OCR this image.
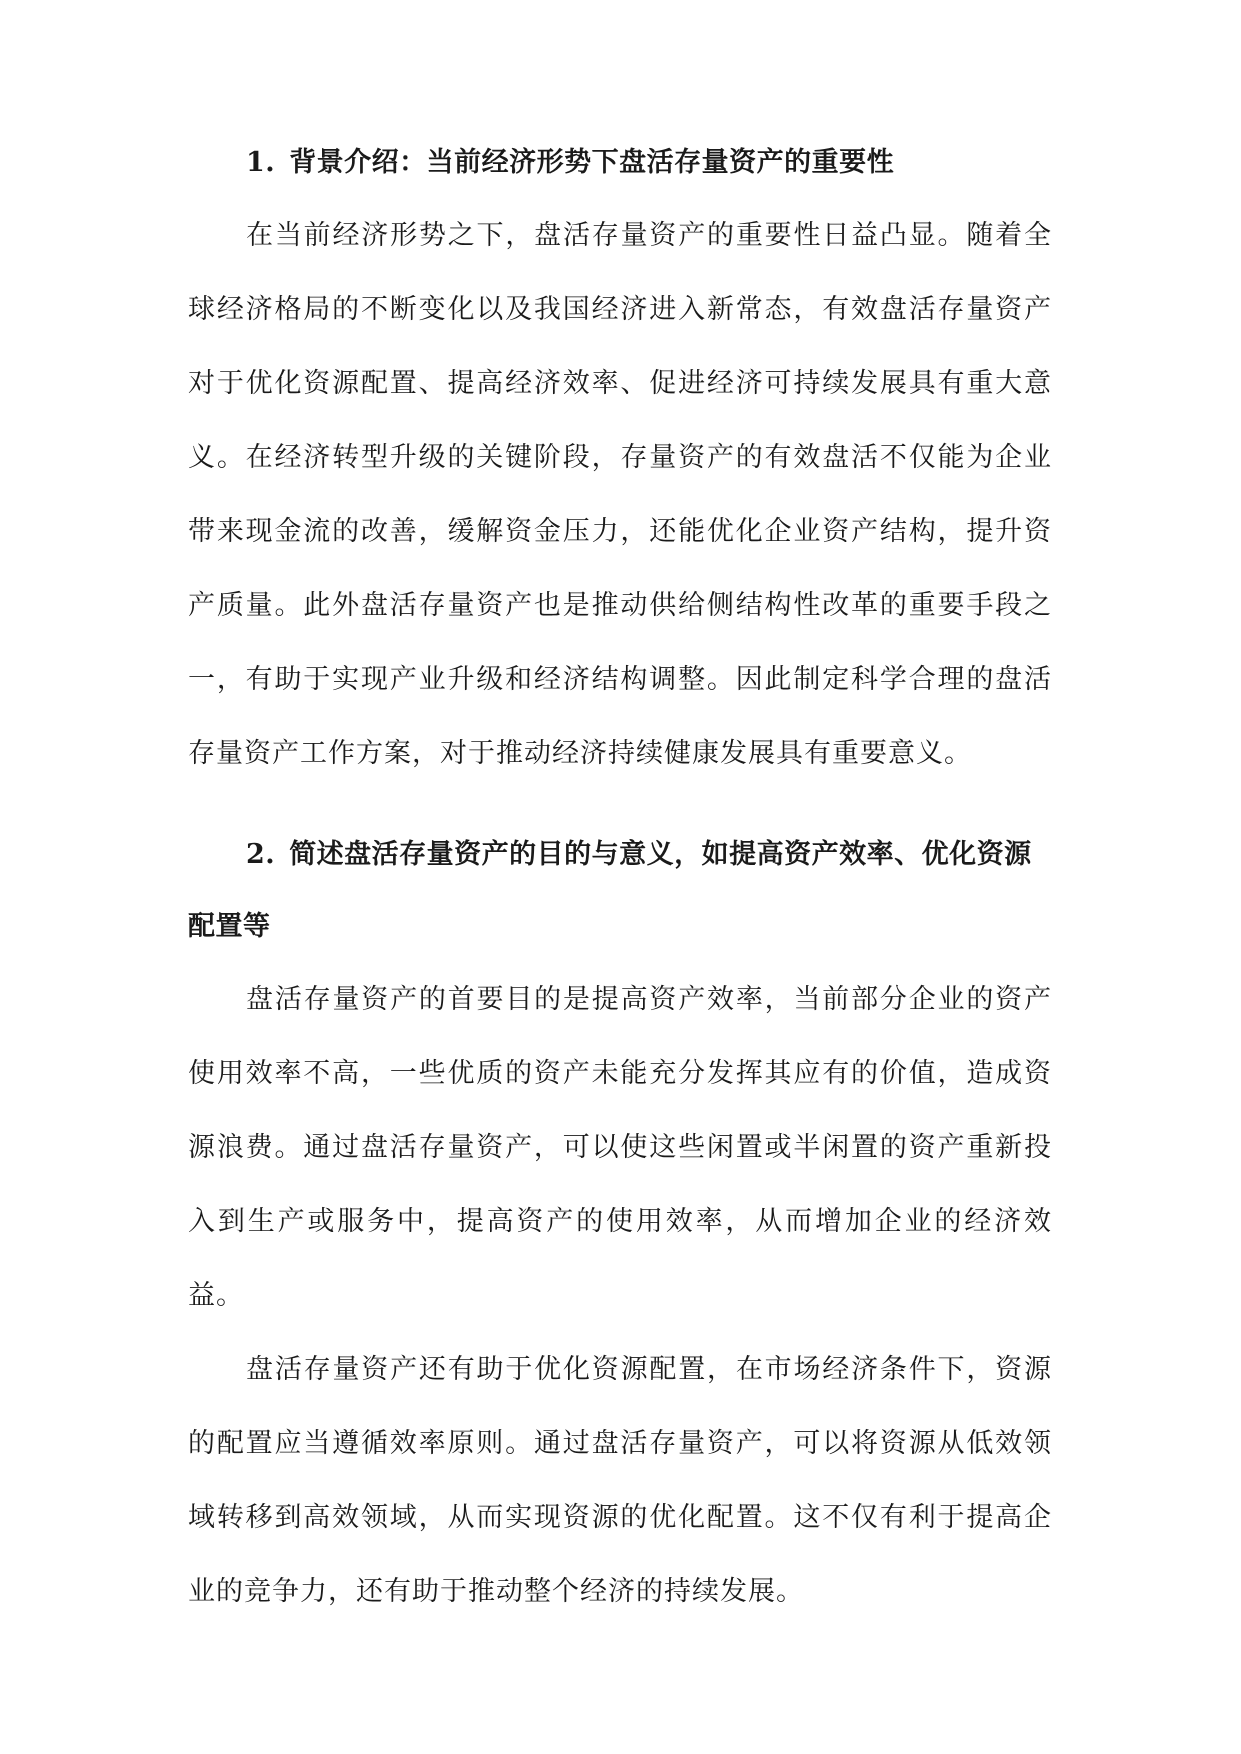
1. 背景介绍：当前经济形势下盘活存量资产的重要性

在当前经济形势之下，盘活存量资产的重要性日益凸显。随着全球经济格局的不断变化以及我国经济进入新常态，有效盘活存量资产对于优化资源配置、提高经济效率、促进经济可持续发展具有重大意义。在经济转型升级的关键阶段，存量资产的有效盘活不仅能为企业带来现金流的改善，缓解资金压力，还能优化企业资产结构，提升资产质量。此外盘活存量资产也是推动供给侧结构性改革的重要手段之一，有助于实现产业升级和经济结构调整。因此制定科学合理的盘活存量资产工作方案，对于推动经济持续健康发展具有重要意义。

2. 简述盘活存量资产的目的与意义，如提高资产效率、优化资源配置等

盘活存量资产的首要目的是提高资产效率，当前部分企业的资产使用效率不高，一些优质的资产未能充分发挥其应有的价值，造成资源浪费。通过盘活存量资产，可以使这些闲置或半闲置的资产重新投入到生产或服务中，提高资产的使用效率，从而增加企业的经济效益。

盘活存量资产还有助于优化资源配置，在市场经济条件下，资源的配置应当遵循效率原则。通过盘活存量资产，可以将资源从低效领域转移到高效领域，从而实现资源的优化配置。这不仅有利于提高企业的竞争力，还有助于推动整个经济的持续发展。
